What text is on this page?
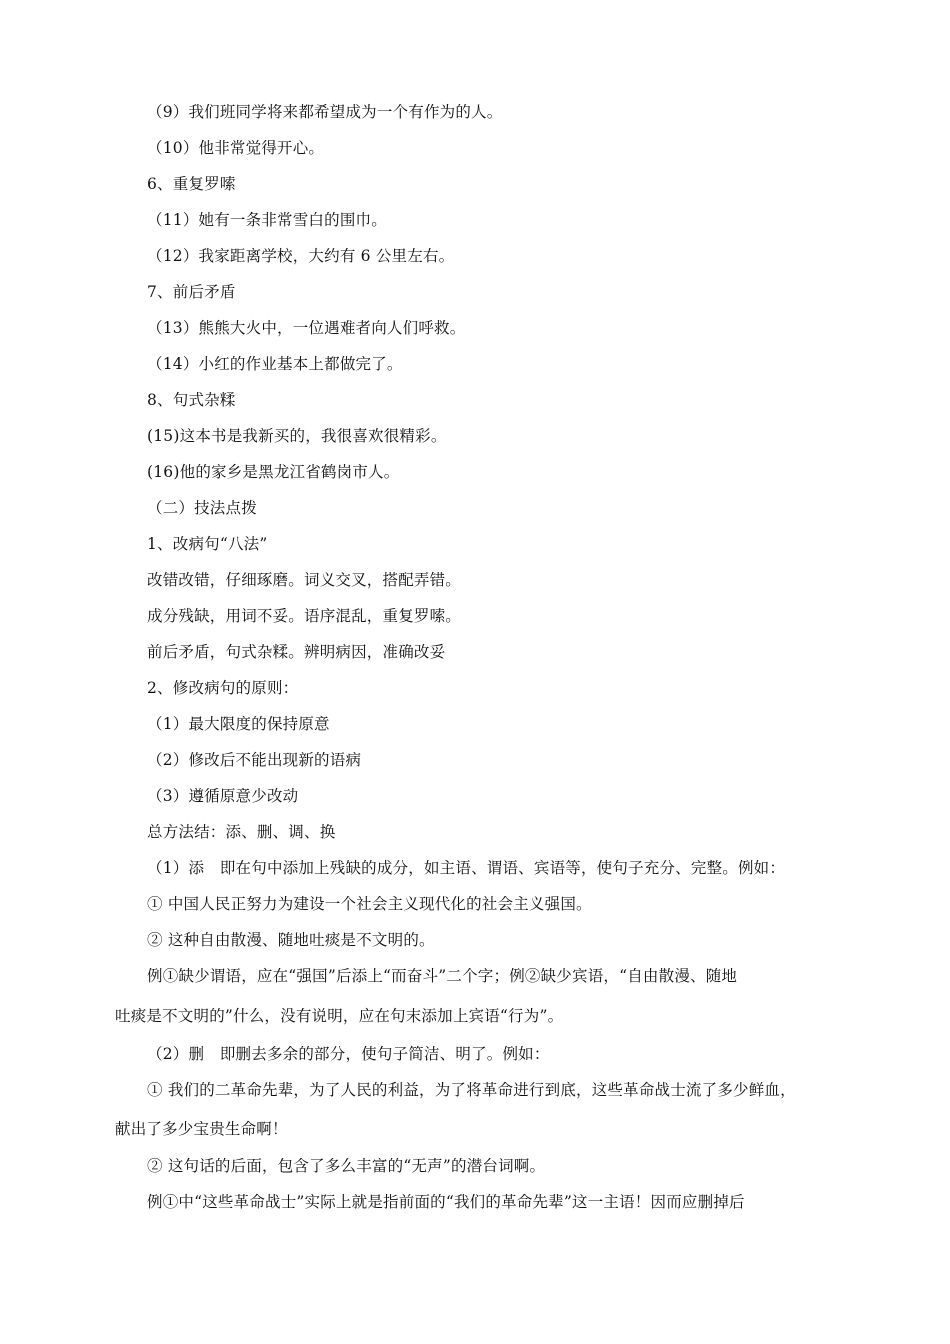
（9）我们班同学将来都希望成为一个有作为的人。
（10）他非常觉得开心。
6、重复罗嗦
（11）她有一条非常雪白的围巾。
（12）我家距离学校，大约有 6 公里左右。
7、前后矛盾
（13）熊熊大火中，一位遇难者向人们呼救。
（14）小红的作业基本上都做完了。
8、句式杂糅
(15)这本书是我新买的，我很喜欢很精彩。
(16)他的家乡是黑龙江省鹤岗市人。
（二）技法点拨
1、改病句“八法”
改错改错，仔细琢磨。词义交叉，搭配弄错。
成分残缺，用词不妥。语序混乱，重复罗嗦。
前后矛盾，句式杂糅。辨明病因，准确改妥
2、修改病句的原则：
（1）最大限度的保持原意
（2）修改后不能出现新的语病
（3）遵循原意少改动
总方法结：添、删、调、换
（1）添　即在句中添加上残缺的成分，如主语、谓语、宾语等，使句子充分、完整。例如：
① 中国人民正努力为建设一个社会主义现代化的社会主义强国。
② 这种自由散漫、随地吐痰是不文明的。
例①缺少谓语，应在“强国”后添上“而奋斗”二个字；例②缺少宾语，“自由散漫、随地
吐痰是不文明的”什么，没有说明，应在句末添加上宾语“行为”。
（2）删　即删去多余的部分，使句子简洁、明了。例如：
① 我们的二革命先辈，为了人民的利益，为了将革命进行到底，这些革命战士流了多少鲜血，
献出了多少宝贵生命啊！
② 这句话的后面，包含了多么丰富的“无声”的潜台词啊。
例①中“这些革命战士”实际上就是指前面的“我们的革命先辈”这一主语！因而应删掉后
